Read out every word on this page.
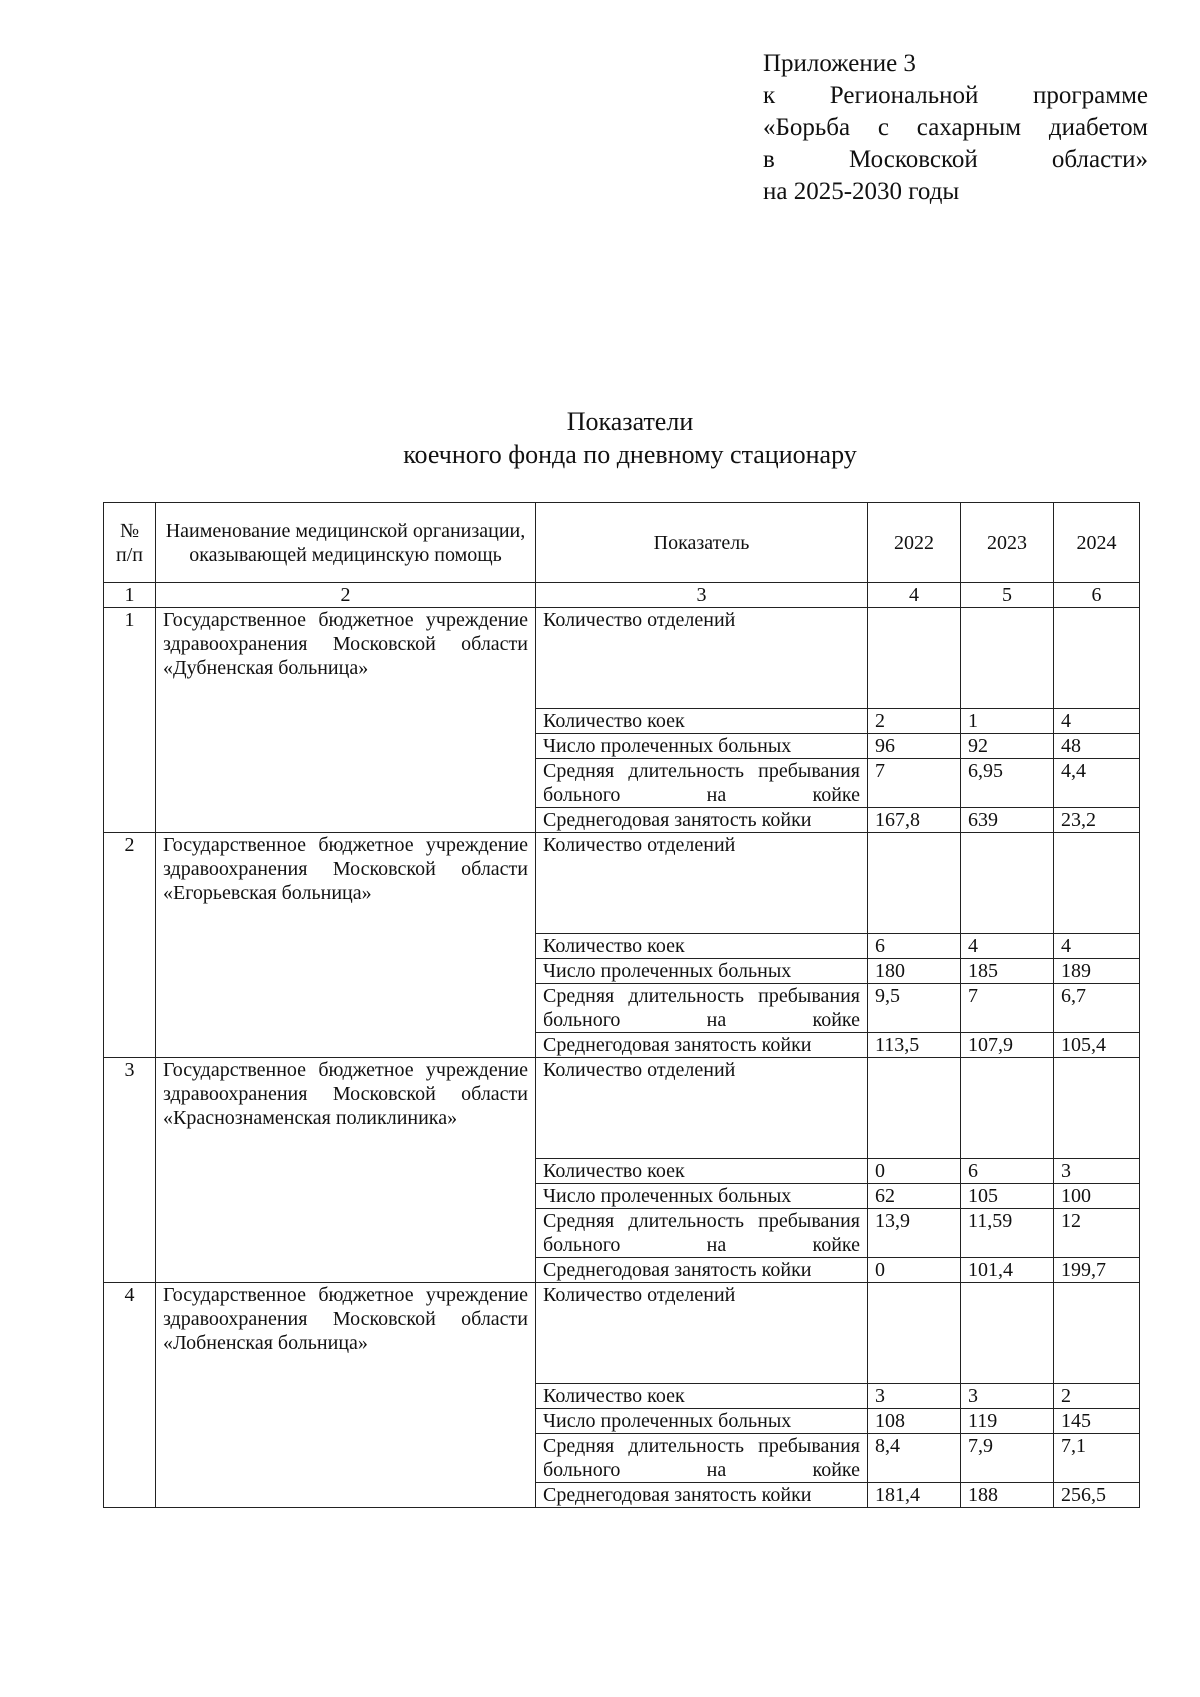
Приложение 3
к Региональной программе
«Борьба с сахарным диабетом
в Московской области»
на 2025-2030 годы
Показатели
коечного фонда по дневному стационару
№ п/п	Наименование медицинской организации, оказывающей медицинскую помощь	Показатель	2022	2023	2024
1	2	3	4	5	6
1	Государственное бюджетное учреждение здравоохранения Московской области «Дубненская больница»	Количество отделений			
		Количество коек	2	1	4
		Число пролеченных больных	96	92	48
		Средняя длительность пребывания больного на койке	7	6,95	4,4
		Среднегодовая занятость койки	167,8	639	23,2
2	Государственное бюджетное учреждение здравоохранения Московской области «Егорьевская больница»	Количество отделений			
		Количество коек	6	4	4
		Число пролеченных больных	180	185	189
		Средняя длительность пребывания больного на койке	9,5	7	6,7
		Среднегодовая занятость койки	113,5	107,9	105,4
3	Государственное бюджетное учреждение здравоохранения Московской области «Краснознаменская поликлиника»	Количество отделений			
		Количество коек	0	6	3
		Число пролеченных больных	62	105	100
		Средняя длительность пребывания больного на койке	13,9	11,59	12
		Среднегодовая занятость койки	0	101,4	199,7
4	Государственное бюджетное учреждение здравоохранения Московской области «Лобненская больница»	Количество отделений			
		Количество коек	3	3	2
		Число пролеченных больных	108	119	145
		Средняя длительность пребывания больного на койке	8,4	7,9	7,1
		Среднегодовая занятость койки	181,4	188	256,5
